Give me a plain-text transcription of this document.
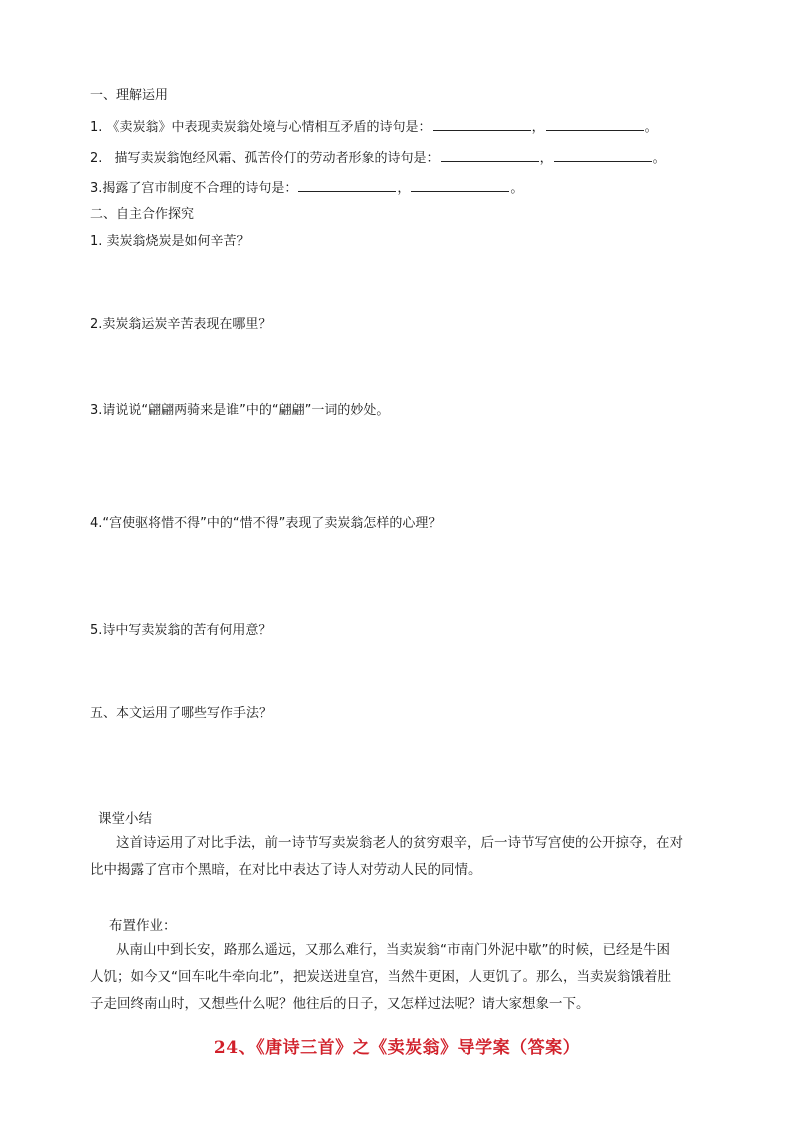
一、理解运用
1. 《卖炭翁》中表现卖炭翁处境与心情相互矛盾的诗句是：	，	。
2. 描写卖炭翁饱经风霜、孤苦伶仃的劳动者形象的诗句是：	，	。
3.揭露了宫市制度不合理的诗句是：	，	。
二、自主合作探究
1. 卖炭翁烧炭是如何辛苦？
2.卖炭翁运炭辛苦表现在哪里？
3.请说说“翩翩两骑来是谁”中的“翩翩”一词的妙处。
4.“宫使驱将惜不得”中的“惜不得”表现了卖炭翁怎样的心理？
5.诗中写卖炭翁的苦有何用意？
五、本文运用了哪些写作手法？
课堂小结
这首诗运用了对比手法，前一诗节写卖炭翁老人的贫穷艰辛，后一诗节写宫使的公开掠夺，在对
比中揭露了宫市个黑暗，在对比中表达了诗人对劳动人民的同情。
布置作业：
从南山中到长安，路那么遥远，又那么难行，当卖炭翁“市南门外泥中歇”的时候，已经是牛困
人饥；如今又“回车叱牛牵向北”，把炭送进皇宫，当然牛更困，人更饥了。那么，当卖炭翁饿着肚
子走回终南山时，又想些什么呢？他往后的日子，又怎样过法呢？请大家想象一下。
24、《唐诗三首》之《卖炭翁》导学案（答案）
